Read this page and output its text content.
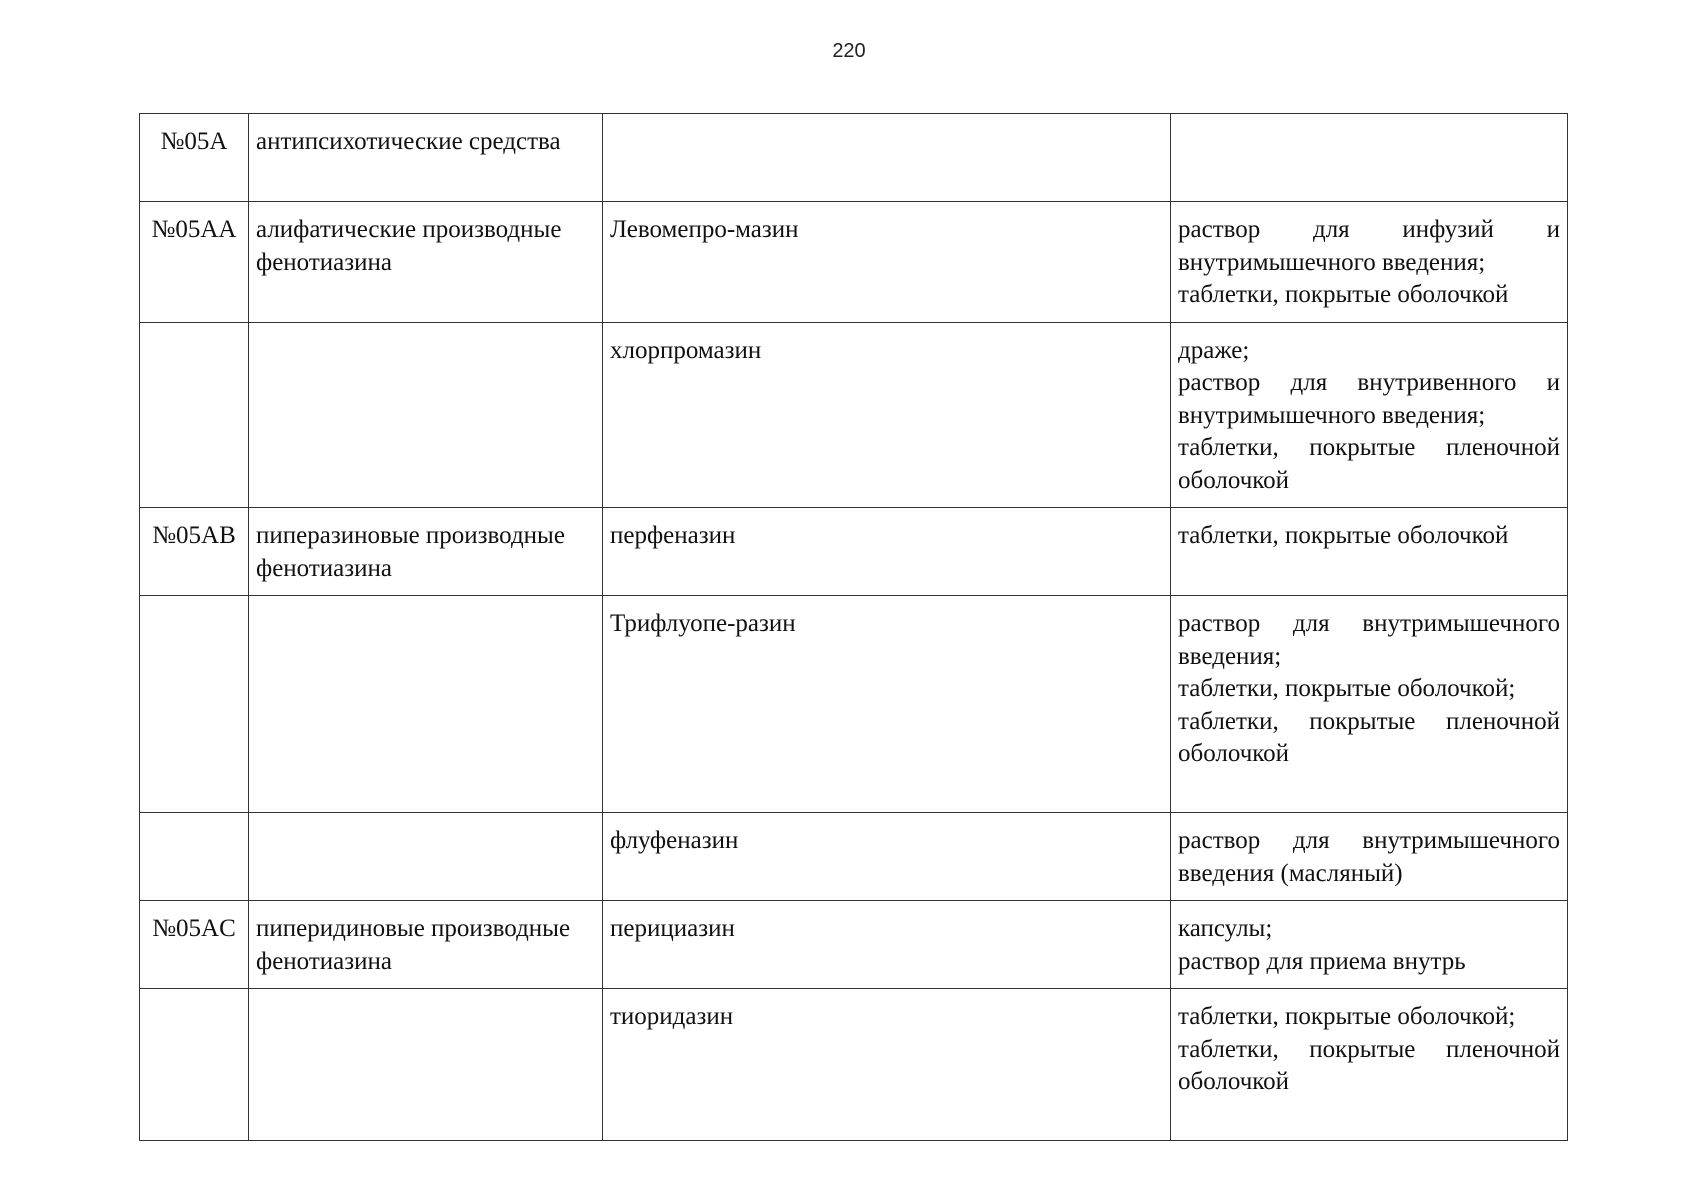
220
№05A	антипсихотические средства		
№05AA	алифатические производные фенотиазина	Левомепро-мазин	раствор для инфузий и внутримышечного введения;
таблетки, покрытые оболочкой

		хлорпромазин	драже;
раствор для внутривенного и внутримышечного введения;
таблетки, покрытые пленочной оболочкой

№05AB	пиперазиновые производные фенотиазина	перфеназин	таблетки, покрытые оболочкой

		Трифлуопе-разин	раствор для внутримышечного введения;
таблетки, покрытые оболочкой;
таблетки, покрытые пленочной оболочкой

		флуфеназин	раствор для внутримышечного введения (масляный)

№05AC	пиперидиновые производные фенотиазина	перициазин	капсулы;
раствор для приема внутрь

		тиоридазин	таблетки, покрытые оболочкой;
таблетки, покрытые пленочной оболочкой
